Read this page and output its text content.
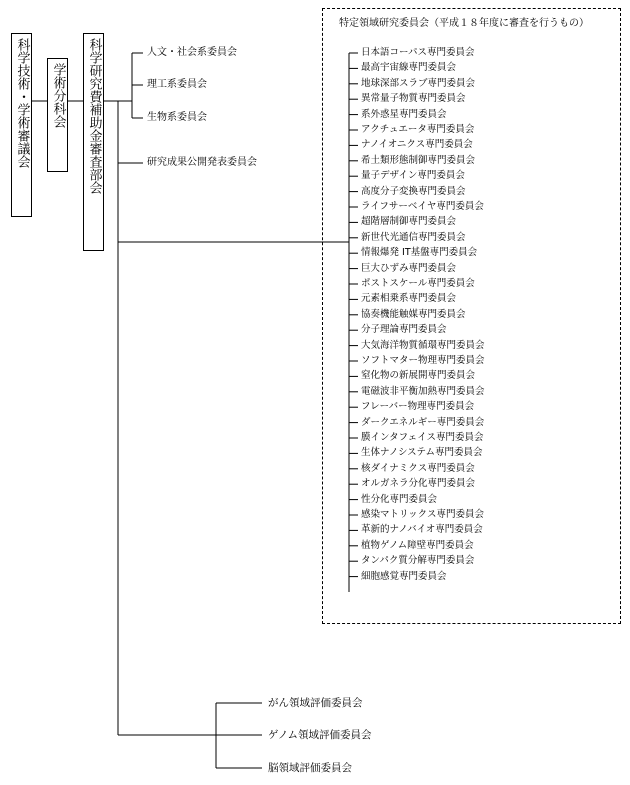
科学技術・学術審議会 学術分科会 科学研究費補助金審査部会	人文・社会系委員会
理工系委員会
生物系委員会
研究成果公開発表委員会
特定領域研究委員会（平成１８年度に審査を行うもの）
日本語コーパス専門委員会
最高宇宙線専門委員会
地球深部スラブ専門委員会
異常量子物質専門委員会
系外惑星専門委員会
アクチュエータ専門委員会
ナノイオニクス専門委員会
希土類形態制御専門委員会
量子デザイン専門委員会
高度分子変換専門委員会
ライフサーベイヤ専門委員会
超階層制御専門委員会
新世代光通信専門委員会
情報爆発 IT基盤専門委員会
巨大ひずみ専門委員会
ポストスケール専門委員会
元素相乗系専門委員会
協奏機能触媒専門委員会
分子理論専門委員会
大気海洋物質循環専門委員会
ソフトマター物理専門委員会
窒化物の新展開専門委員会
電磁波非平衡加熱専門委員会
フレーバー物理専門委員会
ダークエネルギー専門委員会
膜インタフェイス専門委員会
生体ナノシステム専門委員会
核ダイナミクス専門委員会
オルガネラ分化専門委員会
性分化専門委員会
感染マトリックス専門委員会
革新的ナノバイオ専門委員会
植物ゲノム障壁専門委員会
タンパク質分解専門委員会
細胞感覚専門委員会
がん領域評価委員会
ゲノム領域評価委員会
脳領域評価委員会
